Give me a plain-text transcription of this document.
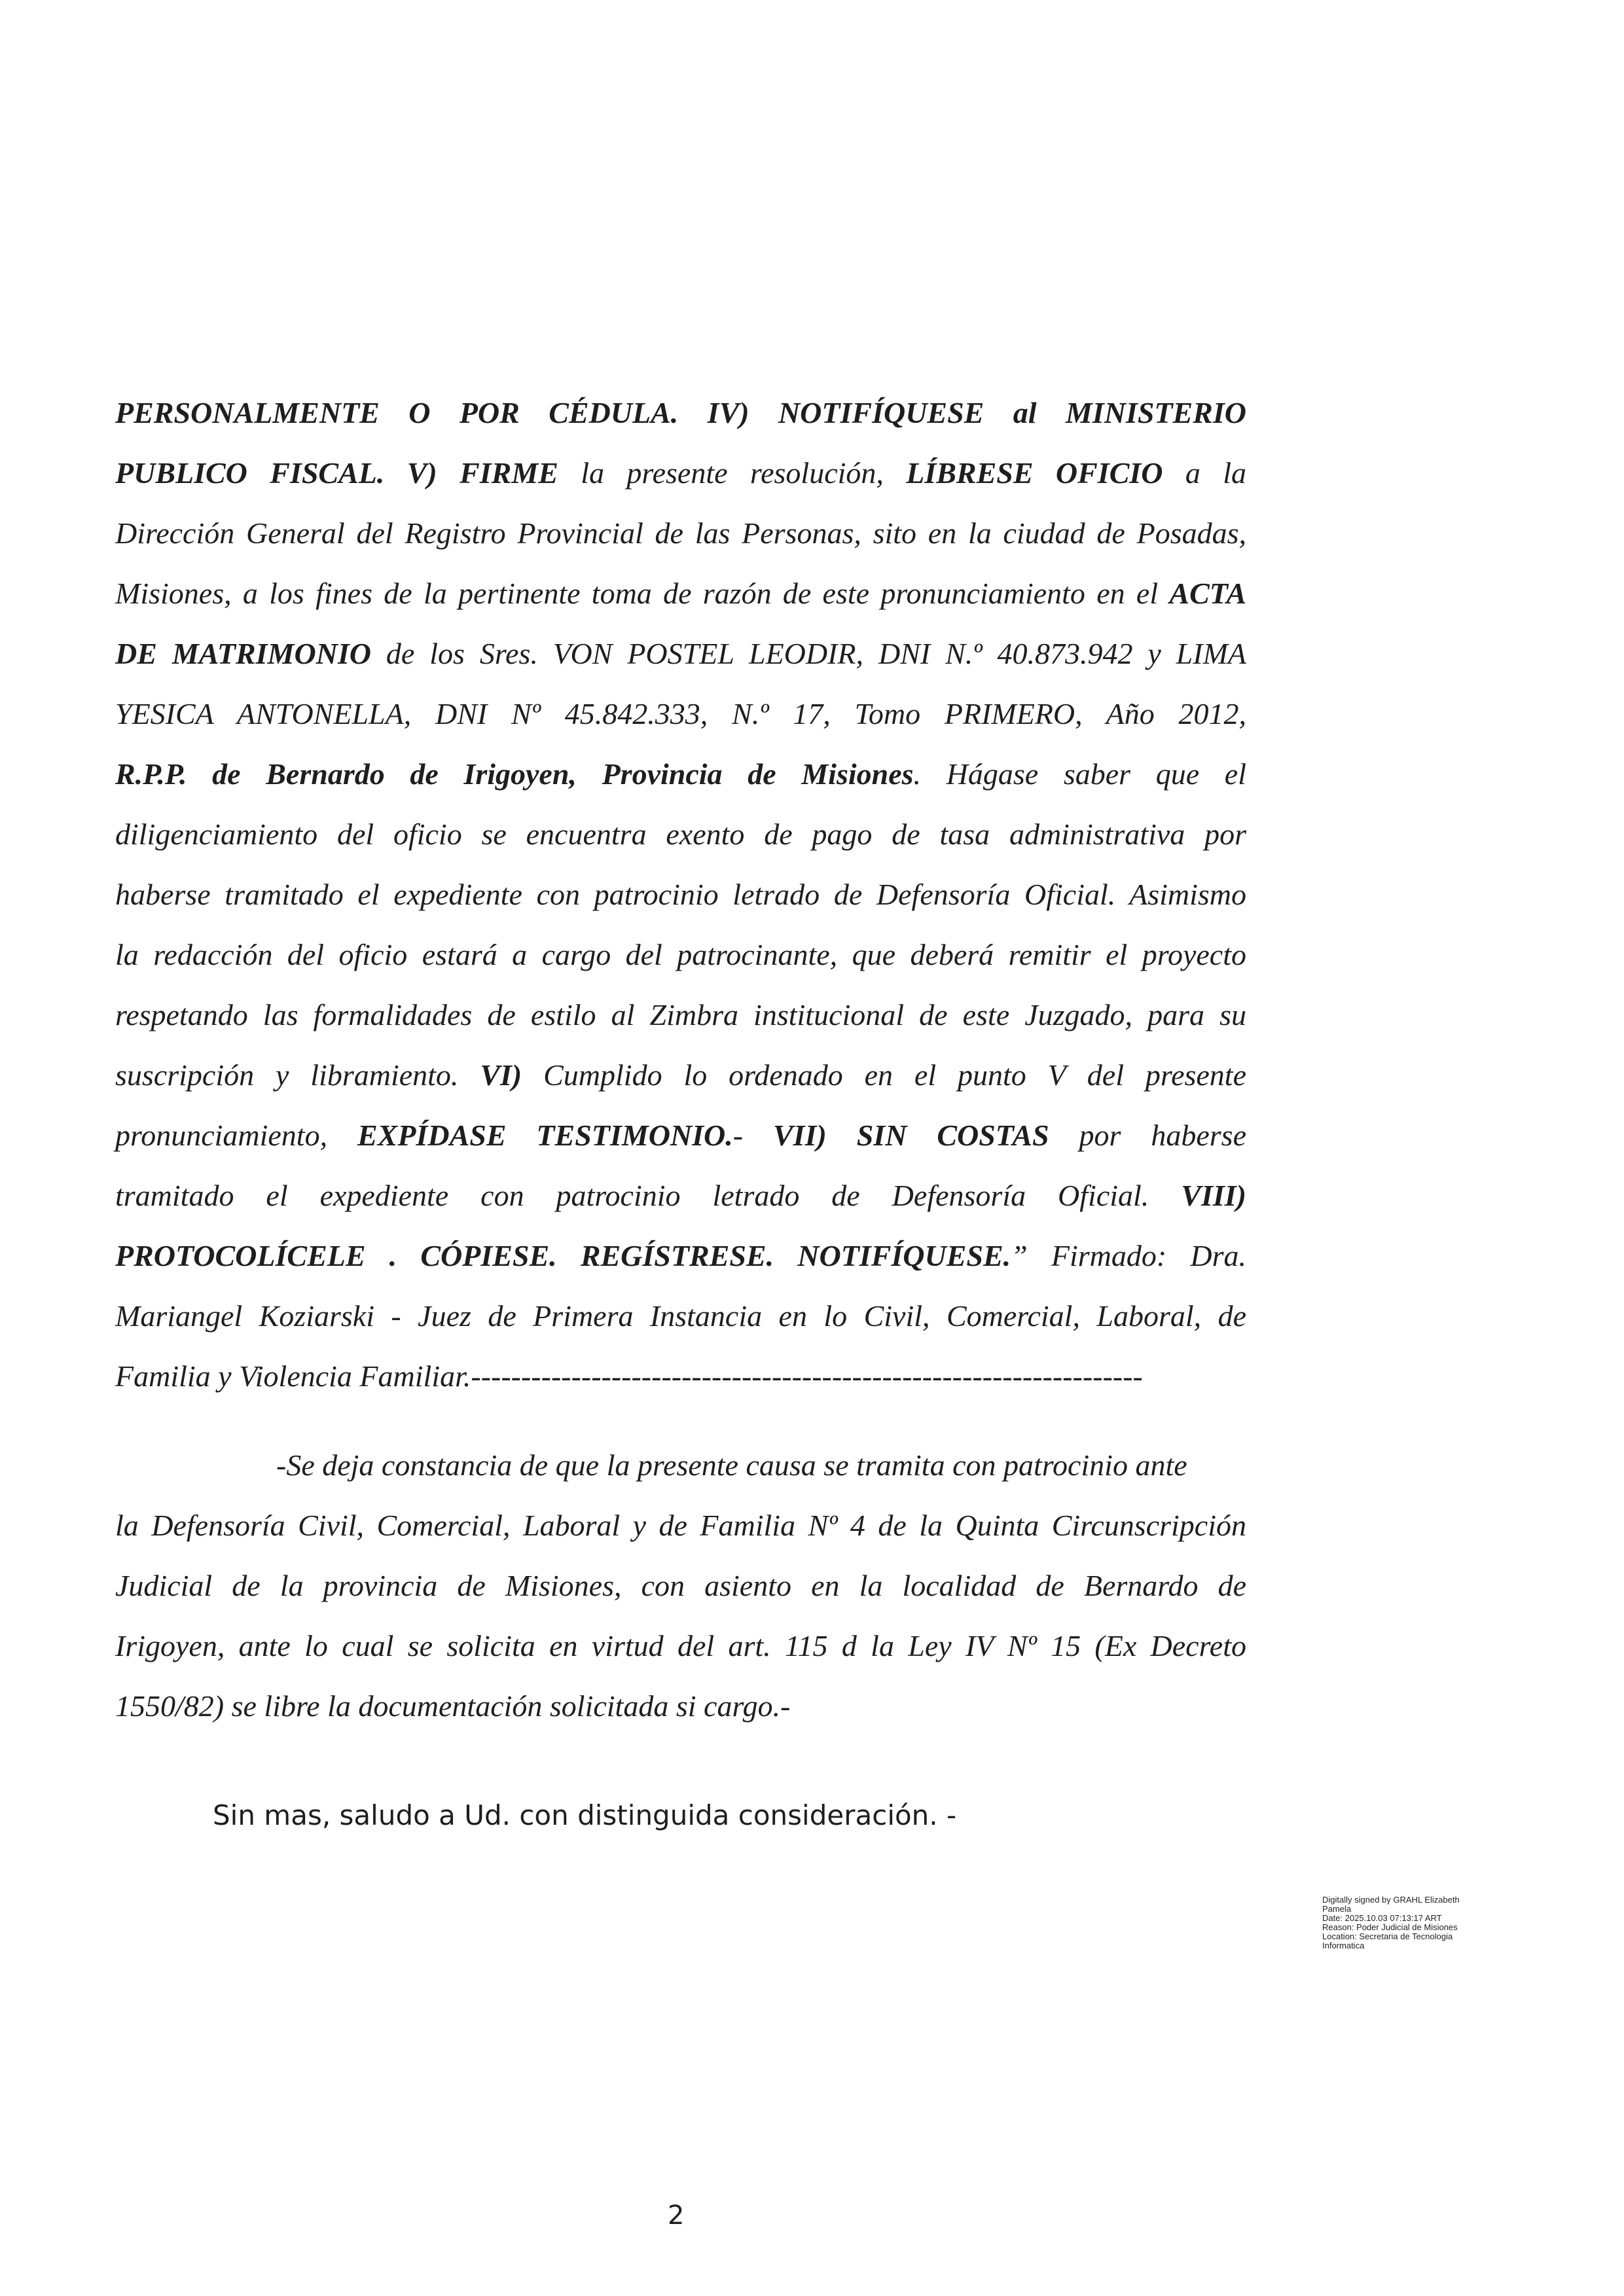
PERSONALMENTE O POR CÉDULA. IV) NOTIFÍQUESE al MINISTERIO
PUBLICO FISCAL. V) FIRME la presente resolución, LÍBRESE OFICIO a la
Dirección General del Registro Provincial de las Personas, sito en la ciudad de Posadas,
Misiones, a los fines de la pertinente toma de razón de este pronunciamiento en el ACTA
DE MATRIMONIO de los Sres. VON POSTEL LEODIR, DNI N.º 40.873.942 y LIMA
YESICA ANTONELLA, DNI Nº 45.842.333, N.º 17, Tomo PRIMERO, Año 2012,
R.P.P. de Bernardo de Irigoyen, Provincia de Misiones. Hágase saber que el
diligenciamiento del oficio se encuentra exento de pago de tasa administrativa por
haberse tramitado el expediente con patrocinio letrado de Defensoría Oficial. Asimismo
la redacción del oficio estará a cargo del patrocinante, que deberá remitir el proyecto
respetando las formalidades de estilo al Zimbra institucional de este Juzgado, para su
suscripción y libramiento. VI) Cumplido lo ordenado en el punto V del presente
pronunciamiento, EXPÍDASE TESTIMONIO.- VII) SIN COSTAS por haberse
tramitado el expediente con patrocinio letrado de Defensoría Oficial. VIII)
PROTOCOLÍCELE . CÓPIESE. REGÍSTRESE. NOTIFÍQUESE.” Firmado: Dra.
Mariangel Koziarski - Juez de Primera Instancia en lo Civil, Comercial, Laboral, de
Familia y Violencia Familiar.-------------------------------------------------------------------
-Se deja constancia de que la presente causa se tramita con patrocinio ante
la Defensoría Civil, Comercial, Laboral y de Familia Nº 4 de la Quinta Circunscripción
Judicial de la provincia de Misiones, con asiento en la localidad de Bernardo de
Irigoyen, ante lo cual se solicita en virtud del art. 115 d la Ley IV Nº 15 (Ex Decreto
1550/82) se libre la documentación solicitada si cargo.-
Sin mas, saludo a Ud. con distinguida consideración. -
Digitally signed by GRAHL Elizabeth
Pamela
Date: 2025.10.03 07:13:17 ART
Reason: Poder Judicial de Misiones
Location: Secretaria de Tecnologia
Informatica
2
